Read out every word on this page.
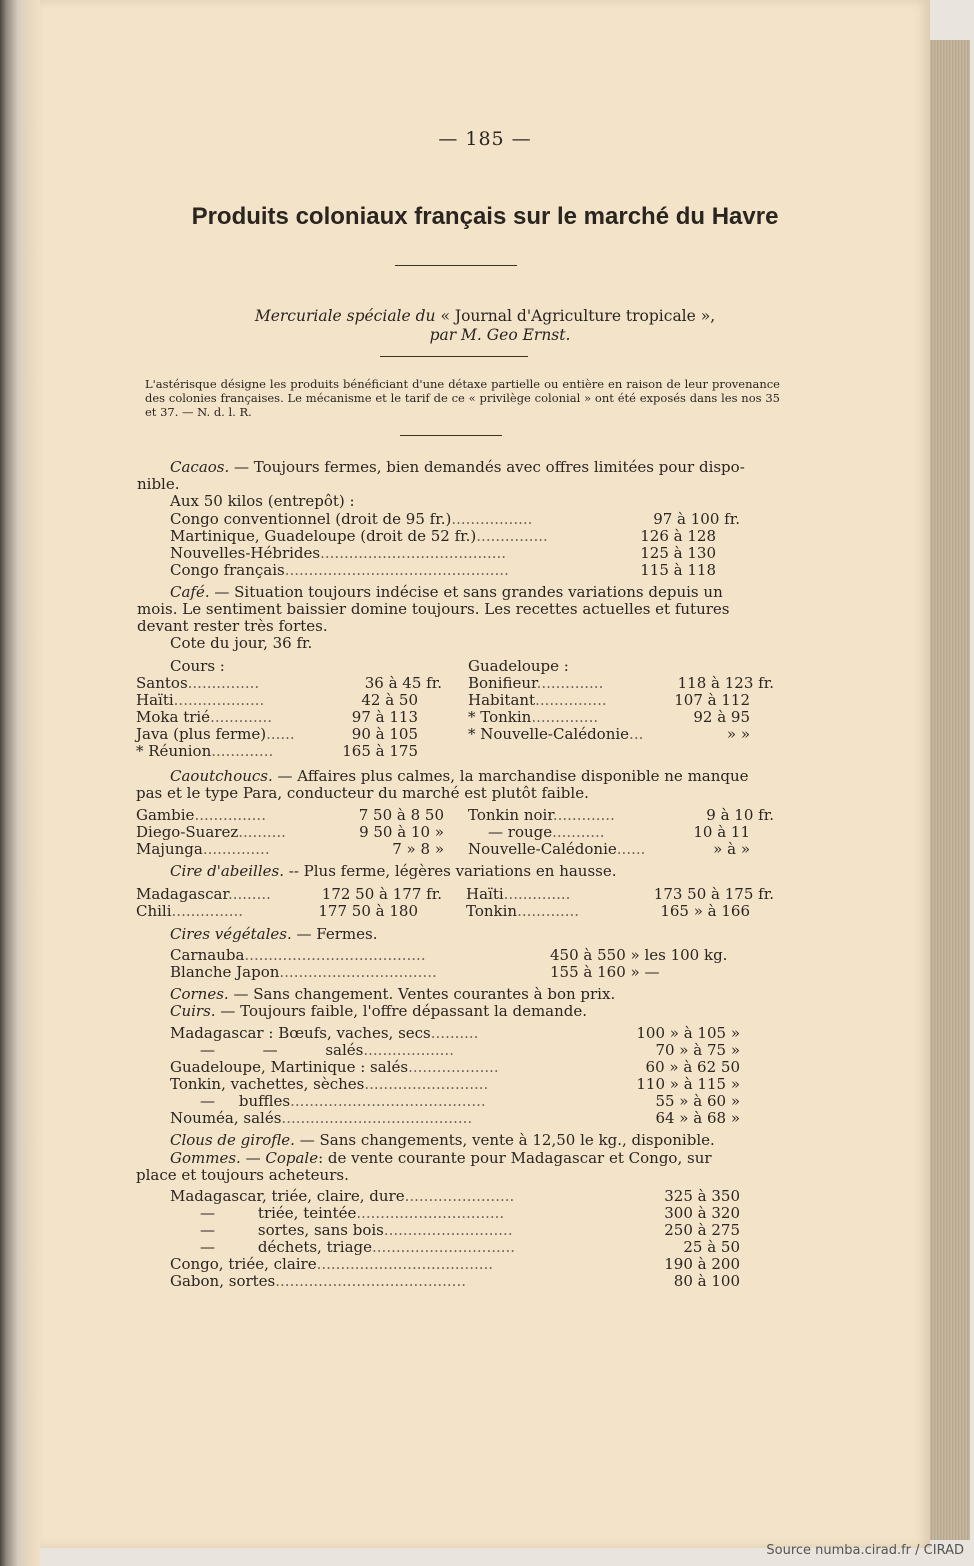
— 185 —
Produits coloniaux français sur le marché du Havre
Mercuriale spéciale du « Journal d'Agriculture tropicale »,
par M. Geo Ernst.
L'astérisque désigne les produits bénéficiant d'une détaxe partielle ou entière en raison de leur provenance des colonies françaises. Le mécanisme et le tarif de ce « privilège colonial » ont été exposés dans les nos 35 et 37. — N. d. l. R.
Cacaos. — Toujours fermes, bien demandés avec offres limitées pour dispo-
nible.
Aux 50 kilos (entrepôt) :
Congo conventionnel (droit de 95 fr.).................	97 à 100 fr.
Martinique, Guadeloupe (droit de 52 fr.)...............	126 à 128
Nouvelles-Hébrides.......................................	125 à 130
Congo français...............................................	115 à 118
Café. — Situation toujours indécise et sans grandes variations depuis un
mois. Le sentiment baissier domine toujours. Les recettes actuelles et futures
devant rester très fortes.
Cote du jour, 36 fr.
Cours :	Guadeloupe :
Santos...............	36 à 45 fr.
Haïti...................	42 à 50
Moka trié.............	97 à 113
Java (plus ferme)......	90 à 105
* Réunion.............	165 à 175
Bonifieur..............	118 à 123 fr.
Habitant...............	107 à 112
* Tonkin..............	92 à 95
* Nouvelle-Calédonie...	» »
Caoutchoucs. — Affaires plus calmes, la marchandise disponible ne manque
pas et le type Para, conducteur du marché est plutôt faible.
Gambie...............	7 50 à 8 50
Diego-Suarez..........	9 50 à 10 »
Majunga..............	7 » 8 »
Tonkin noir.............	9 à 10 fr.
— rouge...........	10 à 11
Nouvelle-Calédonie......	» à »
Cire d'abeilles. -- Plus ferme, légères variations en hausse.
Madagascar.........	172 50 à 177 fr.
Chili...............	177 50 à 180
Haïti..............	173 50 à 175 fr.
Tonkin.............	165 » à 166
Cires végétales. — Fermes.
Carnauba......................................	450 à 550 » les 100 kg.
Blanche Japon.................................	155 à 160 » —
Cornes. — Sans changement. Ventes courantes à bon prix.
Cuirs. — Toujours faible, l'offre dépassant la demande.
Madagascar : Bœufs, vaches, secs..........	100 » à 105 »
—          —          salés...................	70 » à 75 »
Guadeloupe, Martinique : salés...................	60 » à 62 50
Tonkin, vachettes, sèches..........................	110 » à 115 »
—     buffles.........................................	55 » à 60 »
Nouméa, salés........................................	64 » à 68 »
Clous de girofle. — Sans changements, vente à 12,50 le kg., disponible.
Gommes. — Copale: de vente courante pour Madagascar et Congo, sur
place et toujours acheteurs.
Madagascar, triée, claire, dure.......................	325 à 350
—         triée, teintée...............................	300 à 320
—         sortes, sans bois...........................	250 à 275
—         déchets, triage..............................	25 à 50
Congo, triée, claire.....................................	190 à 200
Gabon, sortes........................................	80 à 100
Source numba.cirad.fr / CIRAD
